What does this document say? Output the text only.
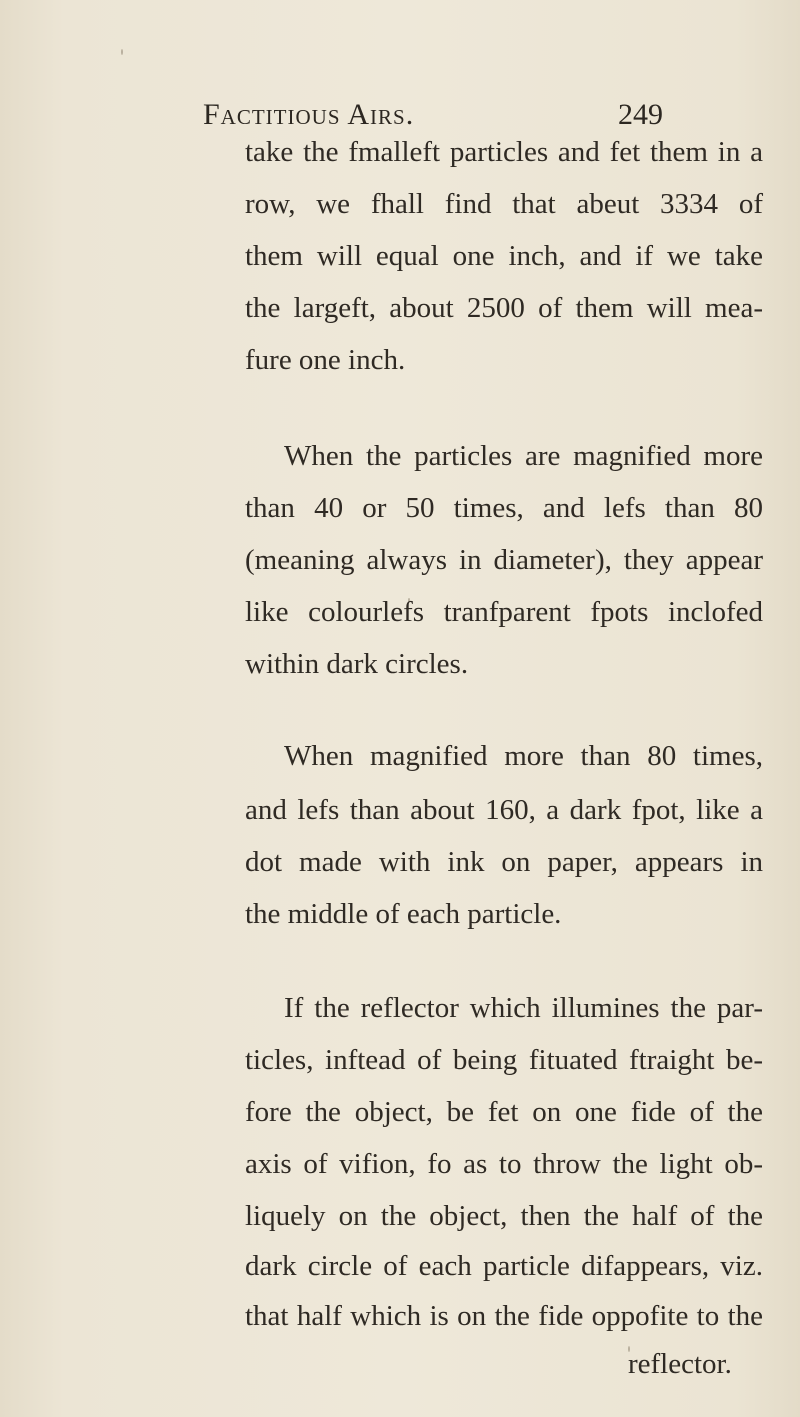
Factitious Airs.	249
take the fmalleft particles and fet them in a
row, we fhall find that abeut 3334 of
them will equal one inch, and if we take
the largeft, about 2500 of them will mea-
fure one inch.
When the particles are magnified more
than 40 or 50 times, and lefs than 80
(meaning always in diameter), they appear
like colourlefs tranfparent fpots inclofed
within dark circles.
When magnified more than 80 times,
and lefs than about 160, a dark fpot, like a
dot made with ink on paper, appears in
the middle of each particle.
If the reflector which illumines the par-
ticles, inftead of being fituated ftraight be-
fore the object, be fet on one fide of the
axis of vifion, fo as to throw the light ob-
liquely on the object, then the half of the
dark circle of each particle difappears, viz.
that half which is on the fide oppofite to the
reflector.
